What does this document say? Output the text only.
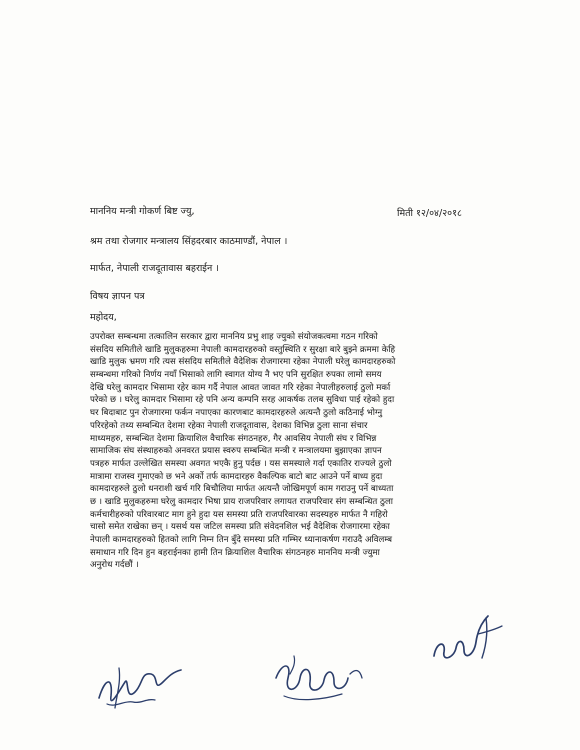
माननिय मन्त्री गोकर्ण बिष्ट ज्यु,	मिती १२/०४/२०१८
श्रम तथा रोजगार मन्त्रालय सिंहदरबार काठमाण्डौं, नेपाल ।
मार्फत, नेपाली राजदूतावास बहराईन ।
विषय ज्ञापन पत्र
महोदय,
उपरोक्त सम्बन्धमा तत्कालिन सरकार द्वारा माननिय प्रभु शाह ज्युको संयोजकत्वमा गठन गरिको
संसदिय समितीले खाडि मुलुकहरुमा नेपाली कामदारहरुको वस्तुस्थिति र सुरक्षा बारे बुझ्ने क्रममा केहि
खाडि मुलुक भ्रमण गरि त्यस संसदिय समितीले वैदेशिक रोजगारमा रहेका नेपाली घरेलु कामदारहरुको
सम्बन्धमा गरिको निर्णय नयाँ भिसाको लागि स्वागत योग्य नै भए पनि सुरक्षित रुपका लामो समय
देखि घरेलु कामदार भिसामा रहेर काम गर्दै नेपाल आवत जावत गरि रहेका नेपालीहरुलाई ठुलो मर्का
परेको छ । घरेलु कामदार भिसामा रहे पनि अन्य कम्पनि सरह आकर्षक तलब सुविधा पाई रहेको हुदा
घर बिदाबाट पुन रोजगारमा फर्कन नपाएका कारणबाट कामदारहरुले अत्यन्तै ठुलो कठिनाई भोग्नु
परिरहेको तथ्य सम्बन्धित देशमा रहेका नेपाली राजदूतावास, देशका विभिन्न ठुला साना संचार
माध्यमहरु, सम्बन्धित देशमा क्रियाशिल वैचारिक संगठनहरु, गैर आवसिय नेपाली संघ र विभिन्न
सामाजिक संघ संस्थाहरुको अनवरत प्रयास स्वरुप सम्बन्धित मन्त्री र मन्त्रालयमा बुझाएका ज्ञापन
पत्रहरु मार्फत उल्लेखित समस्या अवगत भएकै हुनु पर्दछ । यस समस्याले गर्दा एकातिर राज्यले ठुलो
मात्रामा राजस्व गुमाएको छ भने अर्को तर्फ कामदारहरु वैकल्पिक बाटो बाट आउने पर्ने बाध्य हुदा
कामदारहरुले ठुलो धनराशी खर्च गरि बिचौलिया मार्फत अत्यन्तै जोखिमपूर्ण काम गराउनु पर्ने बाध्यता
छ । खाडि मुलुकहरुमा घरेलु कामदार भिषा प्राय राजपरिवार लगायत राजपरिवार संग सम्बन्धित ठुला
कर्मचारीहरुको परिवारबाट माग हुने हुदा यस समस्या प्रति राजपरिवारका सदस्यहरु मार्फत नै गहिरो
चासो समेत राखेका छन् । यसर्थ यस जटिल समस्या प्रति संवेदनशिल भई वैदेशिक रोजगारमा रहेका
नेपाली कामदारहरुको हितको लागि निम्न तिन बुँदे समस्या प्रति गम्भिर ध्यानाकर्षण गराउदै अविलम्ब
समाधान गरि दिन हुन बहराईनका हामी तिन क्रियाशिल वैचारिक संगठनहरु माननिय मन्त्री ज्युमा
अनुरोध गर्दछौं ।
